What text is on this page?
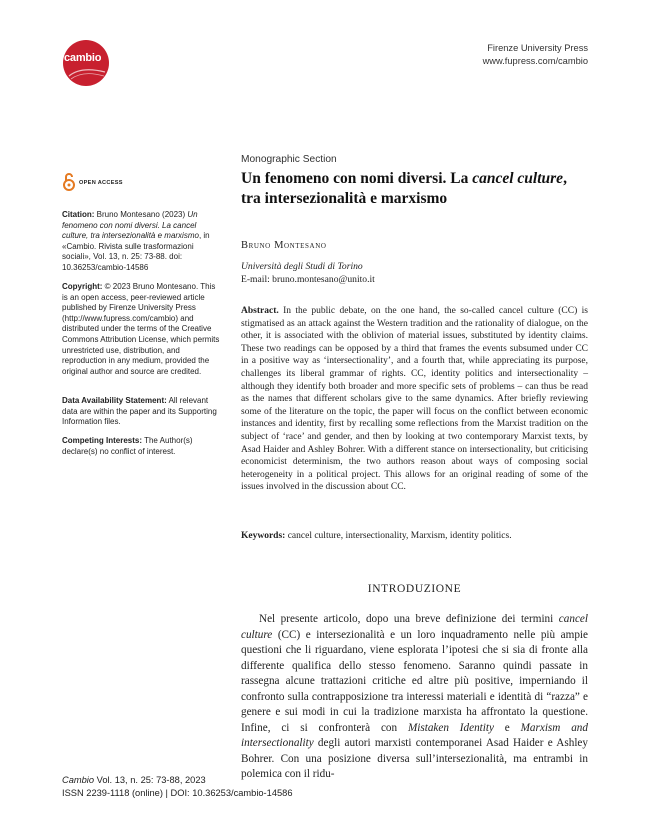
cambio
Firenze University Press
www.fupress.com/cambio
OPEN ACCESS
Citation: Bruno Montesano (2023) Un fenomeno con nomi diversi. La cancel culture, tra intersezionalità e marxismo, in «Cambio. Rivista sulle trasformazioni sociali», Vol. 13, n. 25: 73-88. doi: 10.36253/cambio-14586
Copyright: © 2023 Bruno Montesano. This is an open access, peer-reviewed article published by Firenze University Press (http://www.fupress.com/cambio) and distributed under the terms of the Creative Commons Attribution License, which permits unrestricted use, distribution, and reproduction in any medium, provided the original author and source are credited.
Data Availability Statement: All relevant data are within the paper and its Supporting Information files.
Competing Interests: The Author(s) declare(s) no conflict of interest.
Monographic Section
Un fenomeno con nomi diversi. La cancel culture, tra intersezionalità e marxismo
Bruno Montesano
Università degli Studi di Torino
E-mail: bruno.montesano@unito.it
Abstract. In the public debate, on the one hand, the so-called cancel culture (CC) is stigmatised as an attack against the Western tradition and the rationality of dialogue, on the other, it is associated with the oblivion of material issues, substituted by identity claims. These two readings can be opposed by a third that frames the events subsumed under CC in a positive way as ‘intersectionality’, and a fourth that, while appreciating its purpose, challenges its liberal grammar of rights. CC, identity politics and intersectionality – although they identify both broader and more specific sets of problems – can thus be read as the names that different scholars give to the same dynamics. After briefly reviewing some of the literature on the topic, the paper will focus on the conflict between economic instances and identity, first by recalling some reflections from the Marxist tradition on the subject of ‘race’ and gender, and then by looking at two contemporary Marxist texts, by Asad Haider and Ashley Bohrer. With a different stance on intersectionality, but criticising economicist determinism, the two authors reason about ways of composing social heterogeneity in a political project. This allows for an original reading of some of the issues involved in the discussion about CC.
Keywords: cancel culture, intersectionality, Marxism, identity politics.
INTRODUZIONE
Nel presente articolo, dopo una breve definizione dei termini cancel culture (CC) e intersezionalità e un loro inquadramento nelle più ampie questioni che li riguardano, viene esplorata l’ipotesi che si sia di fronte alla differente qualifica dello stesso fenomeno. Saranno quindi passate in rassegna alcune trattazioni critiche ed altre più positive, imperniando il confronto sulla contrapposizione tra interessi materiali e identità di “razza” e genere e sui modi in cui la tradizione marxista ha affrontato la questione. Infine, ci si confronterà con Mistaken Identity e Marxism and intersectionality degli autori marxisti contemporanei Asad Haider e Ashley Bohrer. Con una posizione diversa sull’intersezionalità, ma entrambi in polemica con il ridu-
Cambio Vol. 13, n. 25: 73-88, 2023
ISSN 2239-1118 (online) | DOI: 10.36253/cambio-14586
